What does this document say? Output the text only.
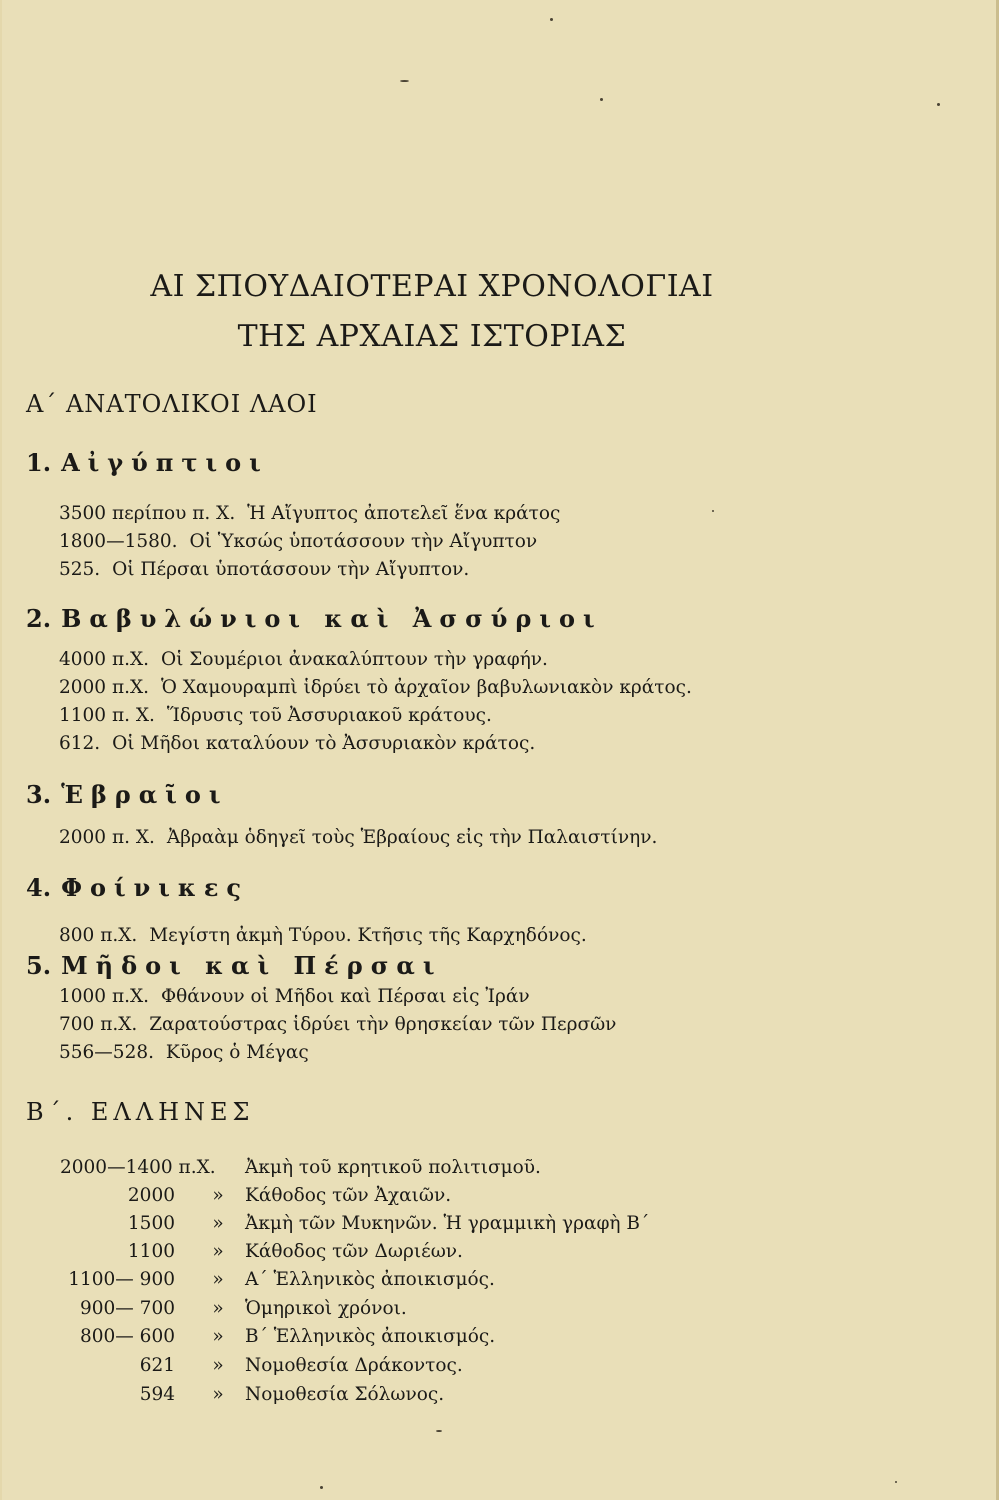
ΑΙ ΣΠΟΥΔΑΙΟΤΕΡΑΙ ΧΡΟΝΟΛΟΓΙΑΙ
ΤΗΣ ΑΡΧΑΙΑΣ ΙΣΤΟΡΙΑΣ
Α΄ ΑΝΑΤΟΛΙΚΟΙ ΛΑΟΙ
1. Αἰγύπτιοι
3500 περίπου π. Χ. Ἡ Αἴγυπτος ἀποτελεῖ ἕνα κράτος
1800—1580. Οἱ Ὑκσώς ὑποτάσσουν τὴν Αἴγυπτον
525. Οἱ Πέρσαι ὑποτάσσουν τὴν Αἴγυπτον.
2. Βαβυλώνιοι καὶ Ἀσσύριοι
4000 π.Χ. Οἱ Σουμέριοι ἀνακαλύπτουν τὴν γραφήν.
2000 π.Χ. Ὁ Χαμουραμπὶ ἱδρύει τὸ ἀρχαῖον βαβυλωνιακὸν κράτος.
1100 π. Χ. Ἵδρυσις τοῦ Ἀσσυριακοῦ κράτους.
612. Οἱ Μῆδοι καταλύουν τὸ Ἀσσυριακὸν κράτος.
3. Ἑβραῖοι
2000 π. Χ. Ἀβραὰμ ὁδηγεῖ τοὺς Ἑβραίους εἰς τὴν Παλαιστίνην.
4. Φοίνικες
800 π.Χ. Μεγίστη ἀκμὴ Τύρου. Κτῆσις τῆς Καρχηδόνος.
5. Μῆδοι καὶ Πέρσαι
1000 π.Χ. Φθάνουν οἱ Μῆδοι καὶ Πέρσαι εἰς Ἰράν
700 π.Χ. Ζαρατούστρας ἱδρύει τὴν θρησκείαν τῶν Περσῶν
556—528. Κῦρος ὁ Μέγας
Β΄. ΕΛΛΗΝΕΣ
2000—1400 π.Χ. Ἀκμὴ τοῦ κρητικοῦ πολιτισμοῦ.
2000 » Κάθοδος τῶν Ἀχαιῶν.
1500 » Ἀκμὴ τῶν Μυκηνῶν. Ἡ γραμμικὴ γραφὴ Β΄
1100 » Κάθοδος τῶν Δωριέων.
1100— 900 » Α΄ Ἑλληνικὸς ἀποικισμός.
900— 700 » Ὁμηρικοὶ χρόνοι.
800— 600 » Β΄ Ἑλληνικὸς ἀποικισμός.
621 » Νομοθεσία Δράκοντος.
594 » Νομοθεσία Σόλωνος.
